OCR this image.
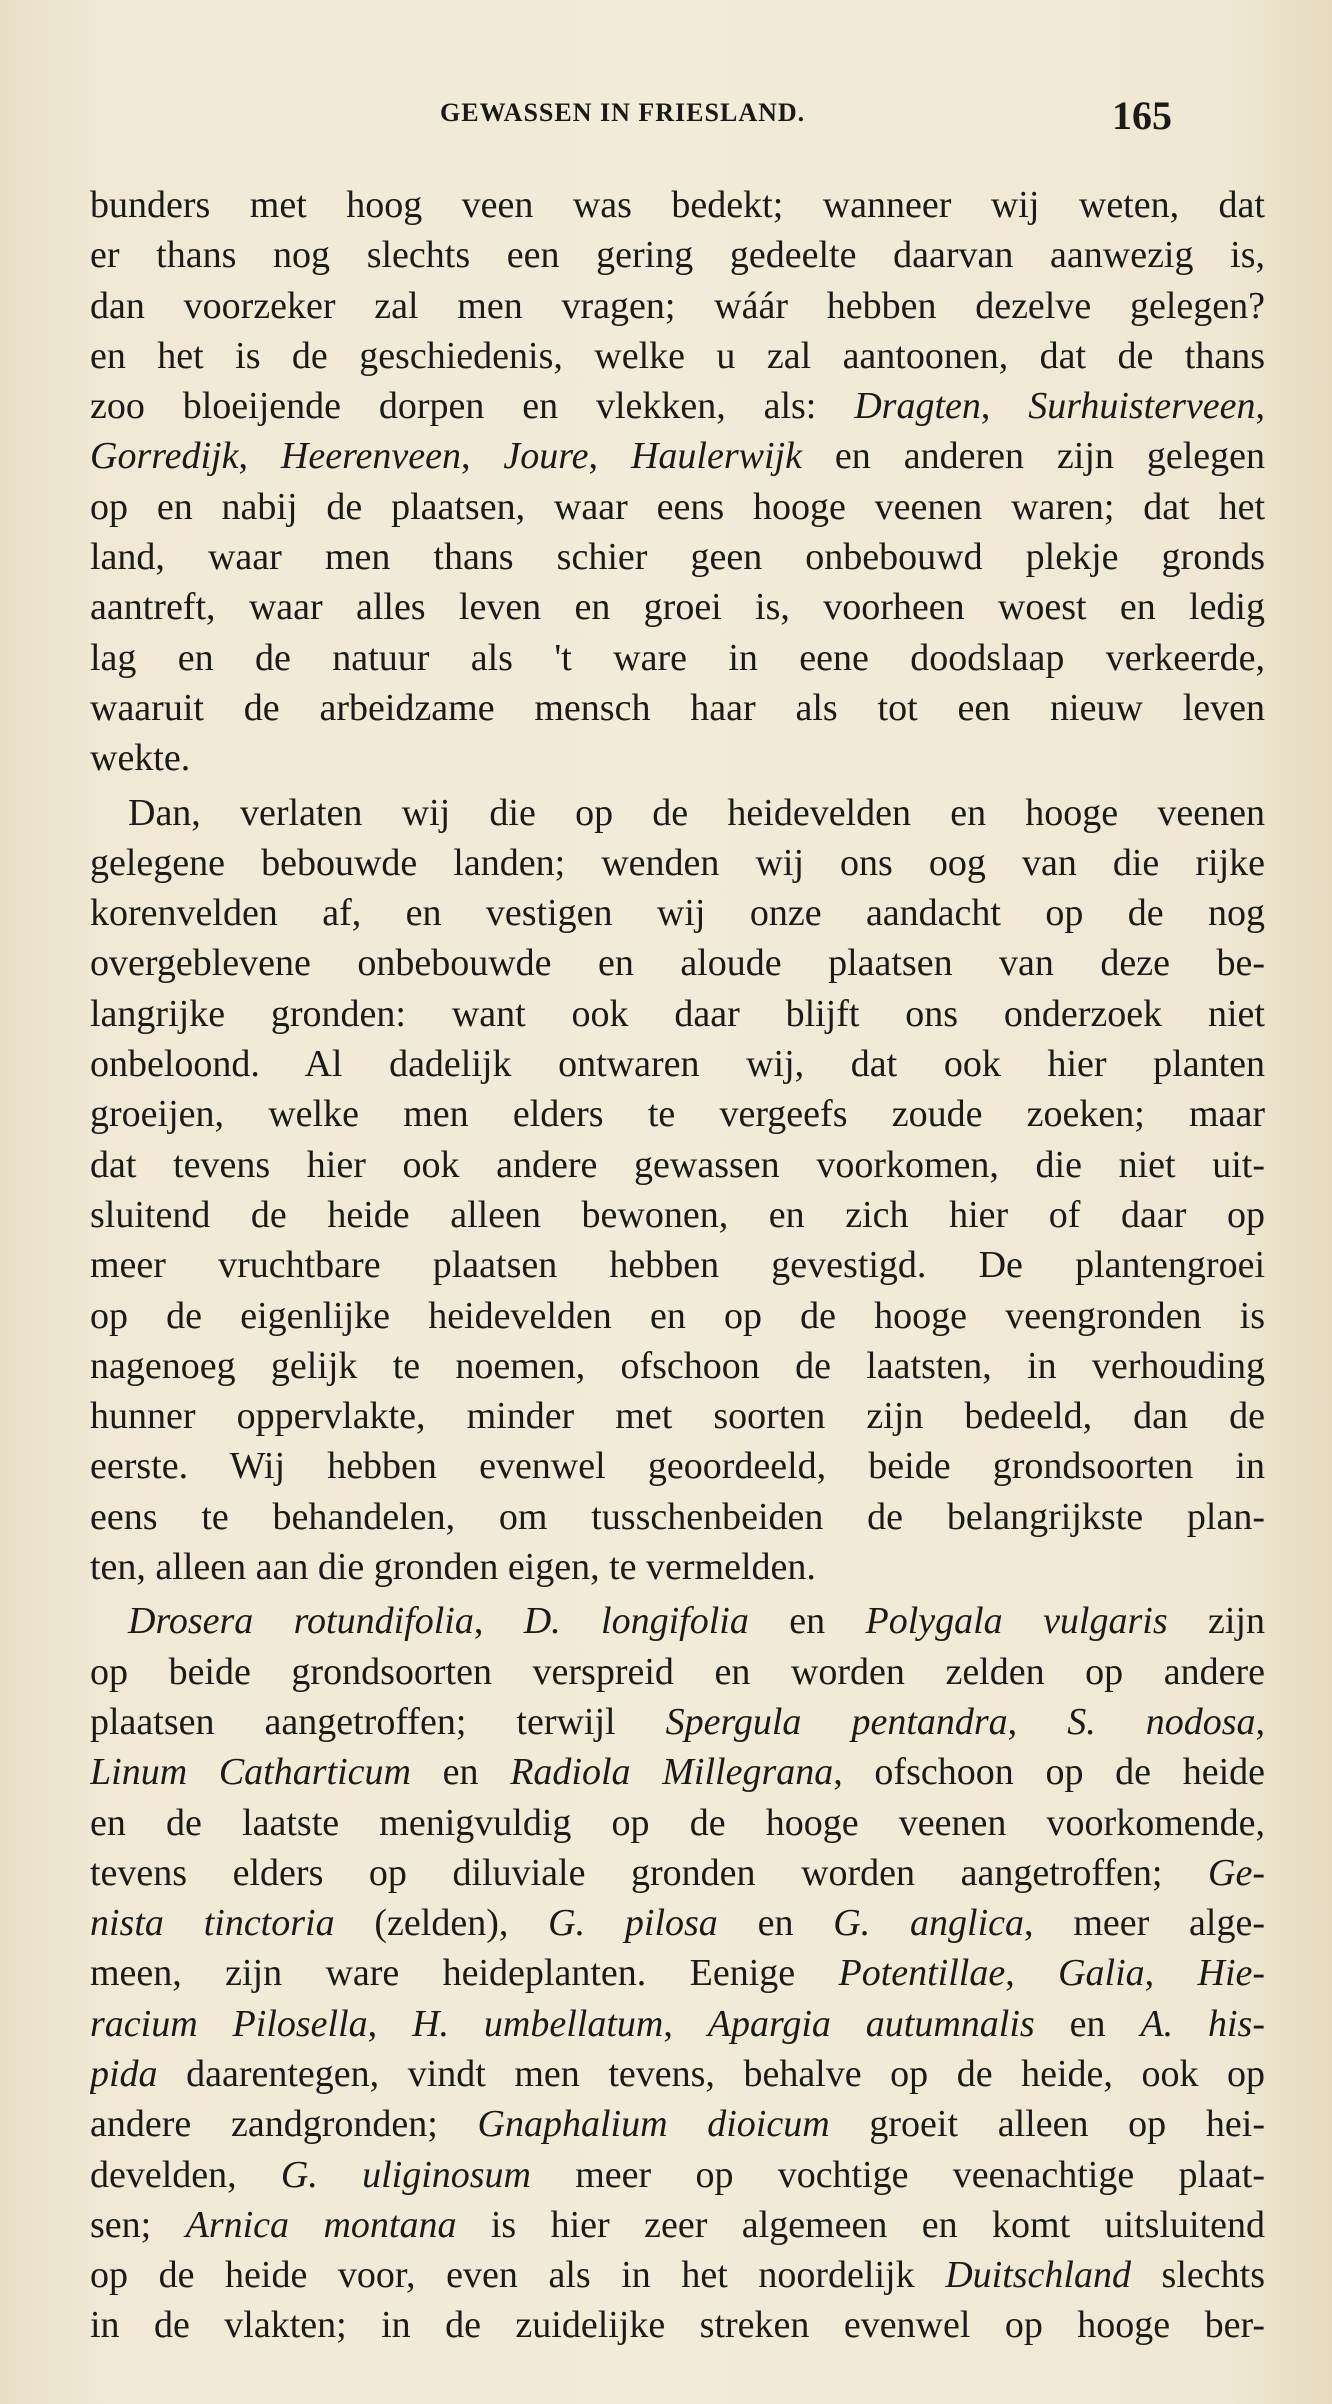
GEWASSEN IN FRIESLAND.	165
bunders met hoog veen was bedekt; wanneer wij weten, dat
er thans nog slechts een gering gedeelte daarvan aanwezig is,
dan voorzeker zal men vragen; wáár hebben dezelve gelegen?
en het is de geschiedenis, welke u zal aantoonen, dat de thans
zoo bloeijende dorpen en vlekken, als: Dragten, Surhuisterveen,
Gorredijk, Heerenveen, Joure, Haulerwijk en anderen zijn gelegen
op en nabij de plaatsen, waar eens hooge veenen waren; dat het
land, waar men thans schier geen onbebouwd plekje gronds
aantreft, waar alles leven en groei is, voorheen woest en ledig
lag en de natuur als 't ware in eene doodslaap verkeerde,
waaruit de arbeidzame mensch haar als tot een nieuw leven
wekte.
Dan, verlaten wij die op de heidevelden en hooge veenen
gelegene bebouwde landen; wenden wij ons oog van die rijke
korenvelden af, en vestigen wij onze aandacht op de nog
overgeblevene onbebouwde en aloude plaatsen van deze be-
langrijke gronden: want ook daar blijft ons onderzoek niet
onbeloond. Al dadelijk ontwaren wij, dat ook hier planten
groeijen, welke men elders te vergeefs zoude zoeken; maar
dat tevens hier ook andere gewassen voorkomen, die niet uit-
sluitend de heide alleen bewonen, en zich hier of daar op
meer vruchtbare plaatsen hebben gevestigd. De plantengroei
op de eigenlijke heidevelden en op de hooge veengronden is
nagenoeg gelijk te noemen, ofschoon de laatsten, in verhouding
hunner oppervlakte, minder met soorten zijn bedeeld, dan de
eerste. Wij hebben evenwel geoordeeld, beide grondsoorten in
eens te behandelen, om tusschenbeiden de belangrijkste plan-
ten, alleen aan die gronden eigen, te vermelden.
Drosera rotundifolia, D. longifolia en Polygala vulgaris zijn
op beide grondsoorten verspreid en worden zelden op andere
plaatsen aangetroffen; terwijl Spergula pentandra, S. nodosa,
Linum Catharticum en Radiola Millegrana, ofschoon op de heide
en de laatste menigvuldig op de hooge veenen voorkomende,
tevens elders op diluviale gronden worden aangetroffen; Ge-
nista tinctoria (zelden), G. pilosa en G. anglica, meer alge-
meen, zijn ware heideplanten. Eenige Potentillae, Galia, Hie-
racium Pilosella, H. umbellatum, Apargia autumnalis en A. his-
pida daarentegen, vindt men tevens, behalve op de heide, ook op
andere zandgronden; Gnaphalium dioicum groeit alleen op hei-
develden, G. uliginosum meer op vochtige veenachtige plaat-
sen; Arnica montana is hier zeer algemeen en komt uitsluitend
op de heide voor, even als in het noordelijk Duitschland slechts
in de vlakten; in de zuidelijke streken evenwel op hooge ber-
